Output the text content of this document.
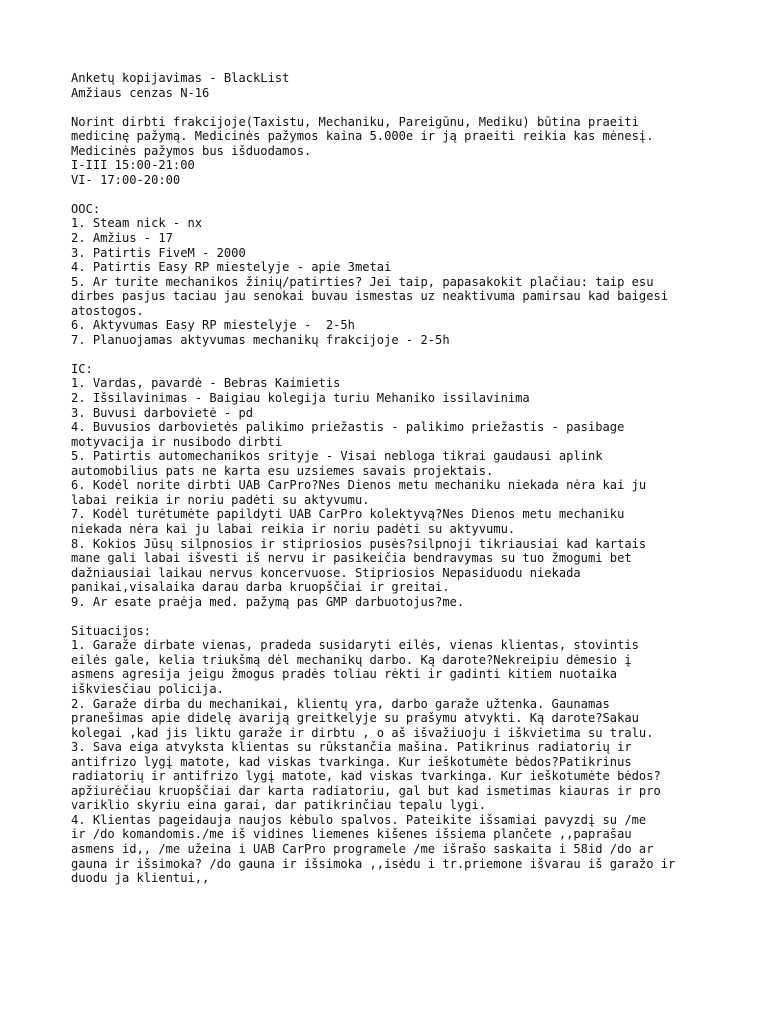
Anketų kopijavimas - BlackList
Amžiaus cenzas N-16
Norint dirbti frakcijoje(Taxistu, Mechaniku, Pareigūnu, Mediku) būtina praeiti
medicinę pažymą. Medicinės pažymos kaina 5.000e ir ją praeiti reikia kas mėnesį.
Medicinės pažymos bus išduodamos.
I-III 15:00-21:00
VI- 17:00-20:00
OOC:
1. Steam nick - nx
2. Amžius - 17
3. Patirtis FiveM - 2000
4. Patirtis Easy RP miestelyje - apie 3metai
5. Ar turite mechanikos žinių/patirties? Jei taip, papasakokit plačiau: taip esu
dirbes pasjus taciau jau senokai buvau ismestas uz neaktivuma pamirsau kad baigesi
atostogos.
6. Aktyvumas Easy RP miestelyje -  2-5h
7. Planuojamas aktyvumas mechanikų frakcijoje - 2-5h
IC:
1. Vardas, pavardė - Bebras Kaimietis
2. Išsilavinimas - Baigiau kolegija turiu Mehaniko issilavinima
3. Buvusi darbovietė - pd
4. Buvusios darbovietės palikimo priežastis - palikimo priežastis - pasibage
motyvacija ir nusibodo dirbti
5. Patirtis automechanikos srityje - Visai nebloga tikrai gaudausi aplink
automobilius pats ne karta esu uzsiemes savais projektais.
6. Kodėl norite dirbti UAB CarPro?Nes Dienos metu mechaniku niekada nėra kai ju
labai reikia ir noriu padėti su aktyvumu.
7. Kodėl turėtumėte papildyti UAB CarPro kolektyvą?Nes Dienos metu mechaniku
niekada nėra kai ju labai reikia ir noriu padėti su aktyvumu.
8. Kokios Jūsų silpnosios ir stipriosios pusės?silpnoji tikriausiai kad kartais
mane gali labai išvesti iš nervu ir pasikeičia bendravymas su tuo žmogumi bet
dažniausiai laikau nervus koncervuose. Stipriosios Nepasiduodu niekada
panikai,visalaika darau darba kruopščiai ir greitai.
9. Ar esate praėja med. pažymą pas GMP darbuotojus?me.
Situacijos:
1. Garaže dirbate vienas, pradeda susidaryti eilės, vienas klientas, stovintis
eilės gale, kelia triukšmą dėl mechanikų darbo. Ką darote?Nekreipiu dėmesio į
asmens agresija jeigu žmogus pradės toliau rėkti ir gadinti kitiem nuotaika
iškviesčiau policija.
2. Garaže dirba du mechanikai, klientų yra, darbo garaže užtenka. Gaunamas
pranešimas apie didelę avariją greitkelyje su prašymu atvykti. Ką darote?Sakau
kolegai ,kad jis liktu garaže ir dirbtu , o aš išvažiuoju i iškvietima su tralu.
3. Sava eiga atvyksta klientas su rūkstančia mašina. Patikrinus radiatorių ir
antifrizo lygį matote, kad viskas tvarkinga. Kur ieškotumėte bėdos?Patikrinus
radiatorių ir antifrizo lygį matote, kad viskas tvarkinga. Kur ieškotumėte bėdos?
apžiurėčiau kruopščiai dar karta radiatoriu, gal but kad ismetimas kiauras ir pro
variklio skyriu eina garai, dar patikrinčiau tepalu lygi.
4. Klientas pageidauja naujos kėbulo spalvos. Pateikite išsamiai pavyzdį su /me
ir /do komandomis./me iš vidines liemenes kišenes išsiema plančete ,,paprašau
asmens id,, /me užeina i UAB CarPro programele /me išrašo saskaita i 58id /do ar
gauna ir išsimoka? /do gauna ir išsimoka ,,isėdu i tr.priemone išvarau iš garažo ir
duodu ja klientui,,
